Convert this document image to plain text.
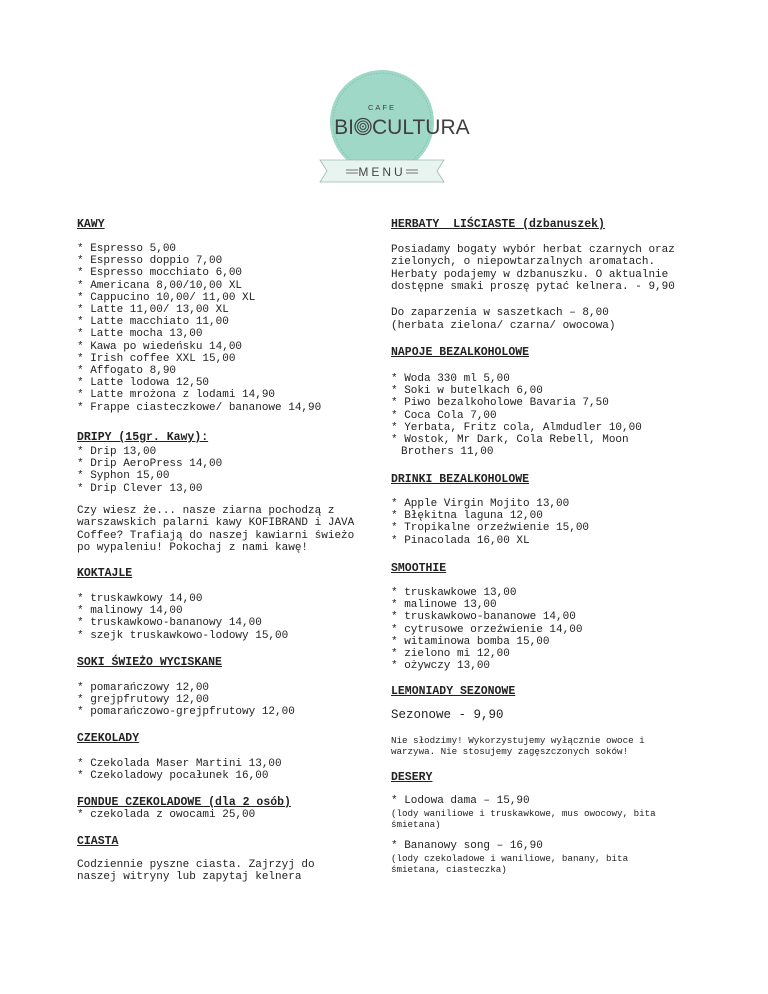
CAFE
BI CULTURA
MENU
KAWY
* Espresso 5,00
* Espresso doppio 7,00
* Espresso mocchiato 6,00
* Americana 8,00/10,00 XL
* Cappucino 10,00/ 11,00 XL
* Latte 11,00/ 13,00 XL
* Latte macchiato 11,00
* Latte mocha 13,00
* Kawa po wiedeńsku 14,00
* Irish coffee XXL 15,00
* Affogato 8,90
* Latte lodowa 12,50
* Latte mrożona z lodami 14,90
* Frappe ciasteczkowe/ bananowe 14,90
DRIPY (15gr. Kawy):
* Drip 13,00
* Drip AeroPress 14,00
* Syphon 15,00
* Drip Clever 13,00

Czy wiesz że... nasze ziarna pochodzą z warszawskich palarni kawy KOFIBRAND i JAVA Coffee? Trafiają do naszej kawiarni świeżo po wypaleniu! Pokochaj z nami kawę!

KOKTAJLE
* truskawkowy 14,00
* malinowy 14,00
* truskawkowo-bananowy 14,00
* szejk truskawkowo-lodowy 15,00
SOKI ŚWIEŻO WYCISKANE
* pomarańczowy 12,00
* grejpfrutowy 12,00
* pomarańczowo-grejpfrutowy 12,00
CZEKOLADY
* Czekolada Maser Martini 13,00
* Czekoladowy pocałunek 16,00
FONDUE CZEKOLADOWE (dla 2 osób)
* czekolada z owocami 25,00
CIASTA

Codziennie pyszne ciasta. Zajrzyj do naszej witryny lub zapytaj kelnera

HERBATY  LIŚCIASTE (dzbanuszek)

Posiadamy bogaty wybór herbat czarnych oraz zielonych, o niepowtarzalnych aromatach. Herbaty podajemy w dzbanuszku. O aktualnie dostępne smaki proszę pytać kelnera. - 9,90

Do zaparzenia w saszetkach – 8,00

(herbata zielona/ czarna/ owocowa)

NAPOJE BEZALKOHOLOWE
* Woda 330 ml 5,00
* Soki w butelkach 6,00
* Piwo bezalkoholowe Bavaria 7,50
* Coca Cola 7,00
* Yerbata, Fritz cola, Almdudler 10,00
* Wostok, Mr Dark, Cola Rebell, Moon Brothers 11,00
DRINKI BEZALKOHOLOWE
* Apple Virgin Mojito 13,00
* Błękitna laguna 12,00
* Tropikalne orzeźwienie 15,00
* Pinacolada 16,00 XL
SMOOTHIE
* truskawkowe 13,00
* malinowe 13,00
* truskawkowo-bananowe 14,00
* cytrusowe orzeźwienie 14,00
* witaminowa bomba 15,00
* zielono mi 12,00
* ożywczy 13,00
LEMONIADY SEZONOWE

Sezonowe - 9,90

Nie słodzimy! Wykorzystujemy wyłącznie owoce i warzywa. Nie stosujemy zagęszczonych soków!

DESERY

* Lodowa dama – 15,90

(lody waniliowe i truskawkowe, mus owocowy, bita śmietana)

* Bananowy song – 16,90

(lody czekoladowe i waniliowe, banany, bita śmietana, ciasteczka)
